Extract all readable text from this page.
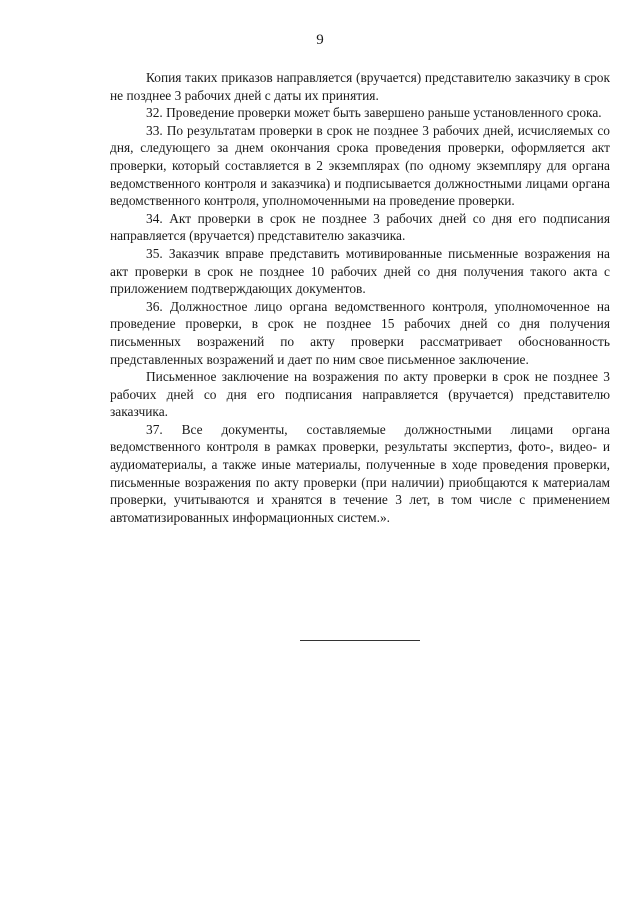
9

Копия таких приказов направляется (вручается) представителю заказчику в срок не позднее 3 рабочих дней с даты их принятия.

32. Проведение проверки может быть завершено раньше установленного срока.

33. По результатам проверки в срок не позднее 3 рабочих дней, исчисляемых со дня, следующего за днем окончания срока проведения проверки, оформляется акт проверки, который составляется в 2 экземплярах (по одному экземпляру для органа ведомственного контроля и заказчика) и подписывается должностными лицами органа ведомственного контроля, уполномоченными на проведение проверки.

34. Акт проверки в срок не позднее 3 рабочих дней со дня его подписания направляется (вручается) представителю заказчика.

35. Заказчик вправе представить мотивированные письменные возражения на акт проверки в срок не позднее 10 рабочих дней со дня получения такого акта с приложением подтверждающих документов.

36. Должностное лицо органа ведомственного контроля, уполномоченное на проведение проверки, в срок не позднее 15 рабочих дней со дня получения письменных возражений по акту проверки рассматривает обоснованность представленных возражений и дает по ним свое письменное заключение.

Письменное заключение на возражения по акту проверки в срок не позднее 3 рабочих дней со дня его подписания направляется (вручается) представителю заказчика.

37. Все документы, составляемые должностными лицами органа ведомственного контроля в рамках проверки, результаты экспертиз, фото-, видео- и аудиоматериалы, а также иные материалы, полученные в ходе проведения проверки, письменные возражения по акту проверки (при наличии) приобщаются к материалам проверки, учитываются и хранятся в течение 3 лет, в том числе с применением автоматизированных информационных систем.».
